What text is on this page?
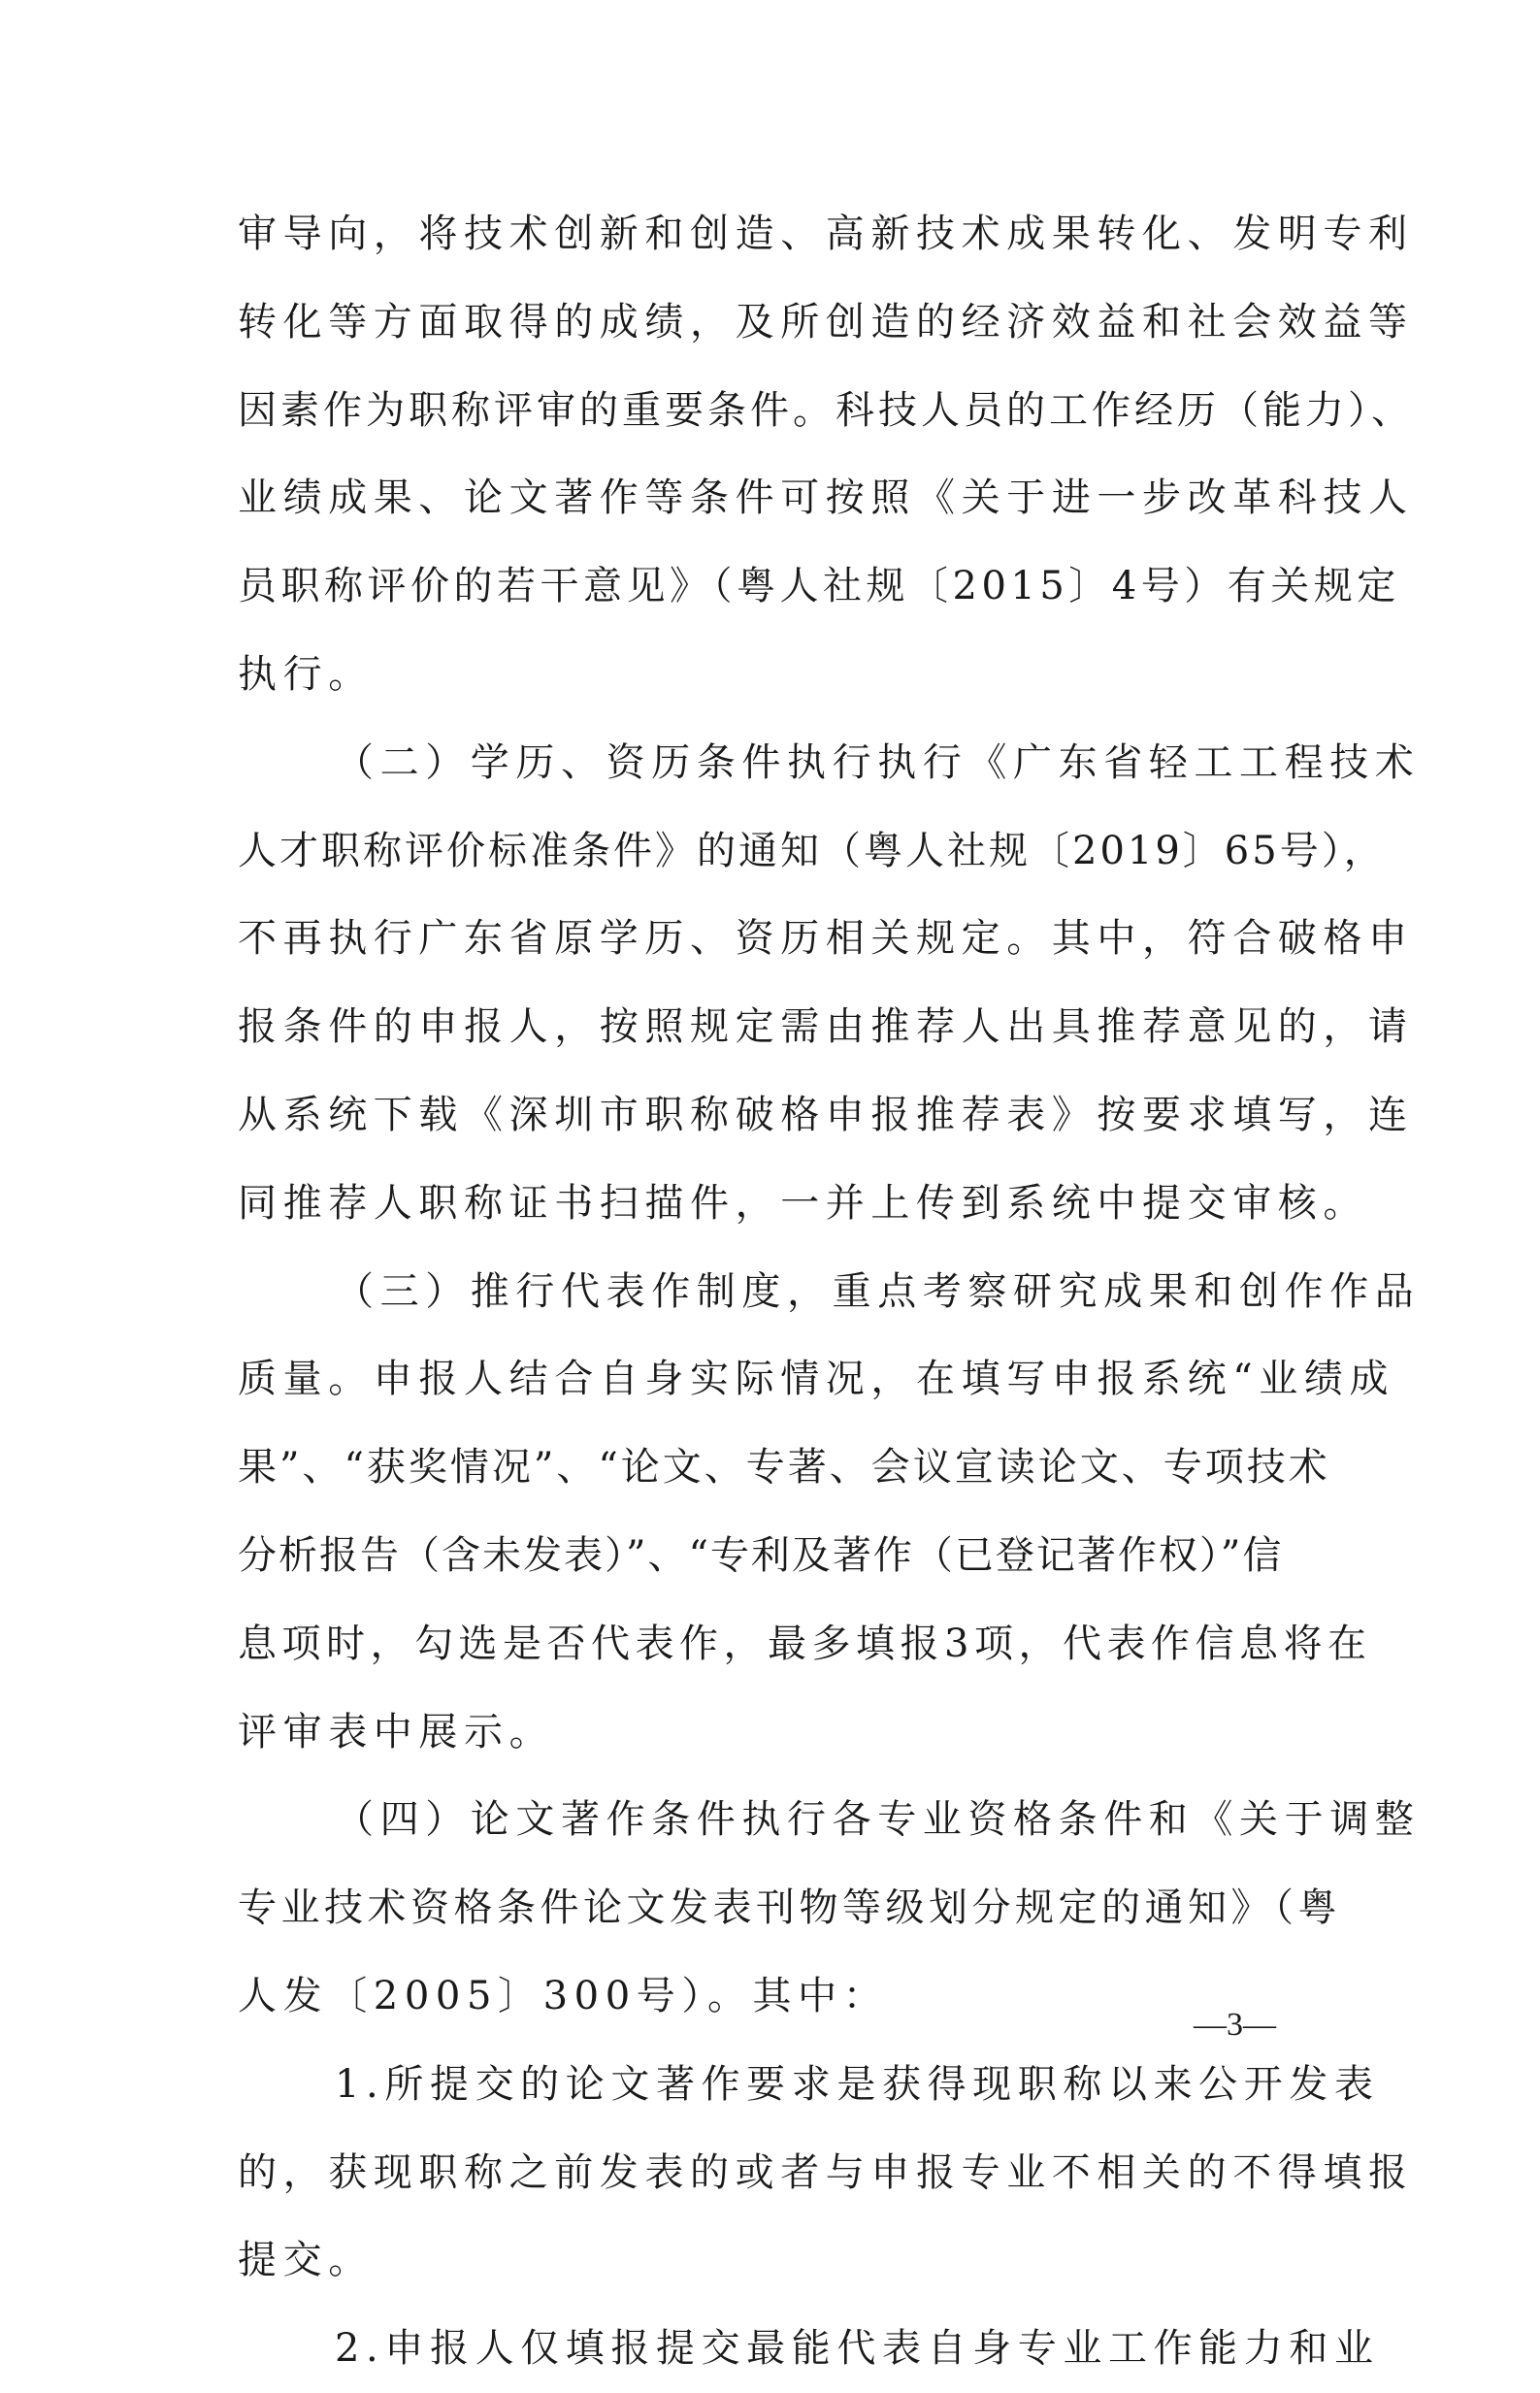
审导向，将技术创新和创造、高新技术成果转化、发明专利
转化等方面取得的成绩，及所创造的经济效益和社会效益等
因素作为职称评审的重要条件。科技人员的工作经历（能力）、
业绩成果、论文著作等条件可按照《关于进一步改革科技人
员职称评价的若干意见》（粤人社规〔2015〕4号）有关规定
执行。
（二）学历、资历条件执行执行《广东省轻工工程技术
人才职称评价标准条件》的通知（粤人社规〔2019〕65号），
不再执行广东省原学历、资历相关规定。其中，符合破格申
报条件的申报人，按照规定需由推荐人出具推荐意见的，请
从系统下载《深圳市职称破格申报推荐表》按要求填写，连
同推荐人职称证书扫描件，一并上传到系统中提交审核。
（三）推行代表作制度，重点考察研究成果和创作作品
质量。申报人结合自身实际情况，在填写申报系统“业绩成
果”、“获奖情况”、“论文、专著、会议宣读论文、专项技术
分析报告（含未发表）”、“专利及著作（已登记著作权）”信
息项时，勾选是否代表作，最多填报3项，代表作信息将在
评审表中展示。
（四）论文著作条件执行各专业资格条件和《关于调整
专业技术资格条件论文发表刊物等级划分规定的通知》（粤
人发〔2005〕300号）。其中：
1.所提交的论文著作要求是获得现职称以来公开发表
的，获现职称之前发表的或者与申报专业不相关的不得填报
提交。
2.申报人仅填报提交最能代表自身专业工作能力和业
—3—
